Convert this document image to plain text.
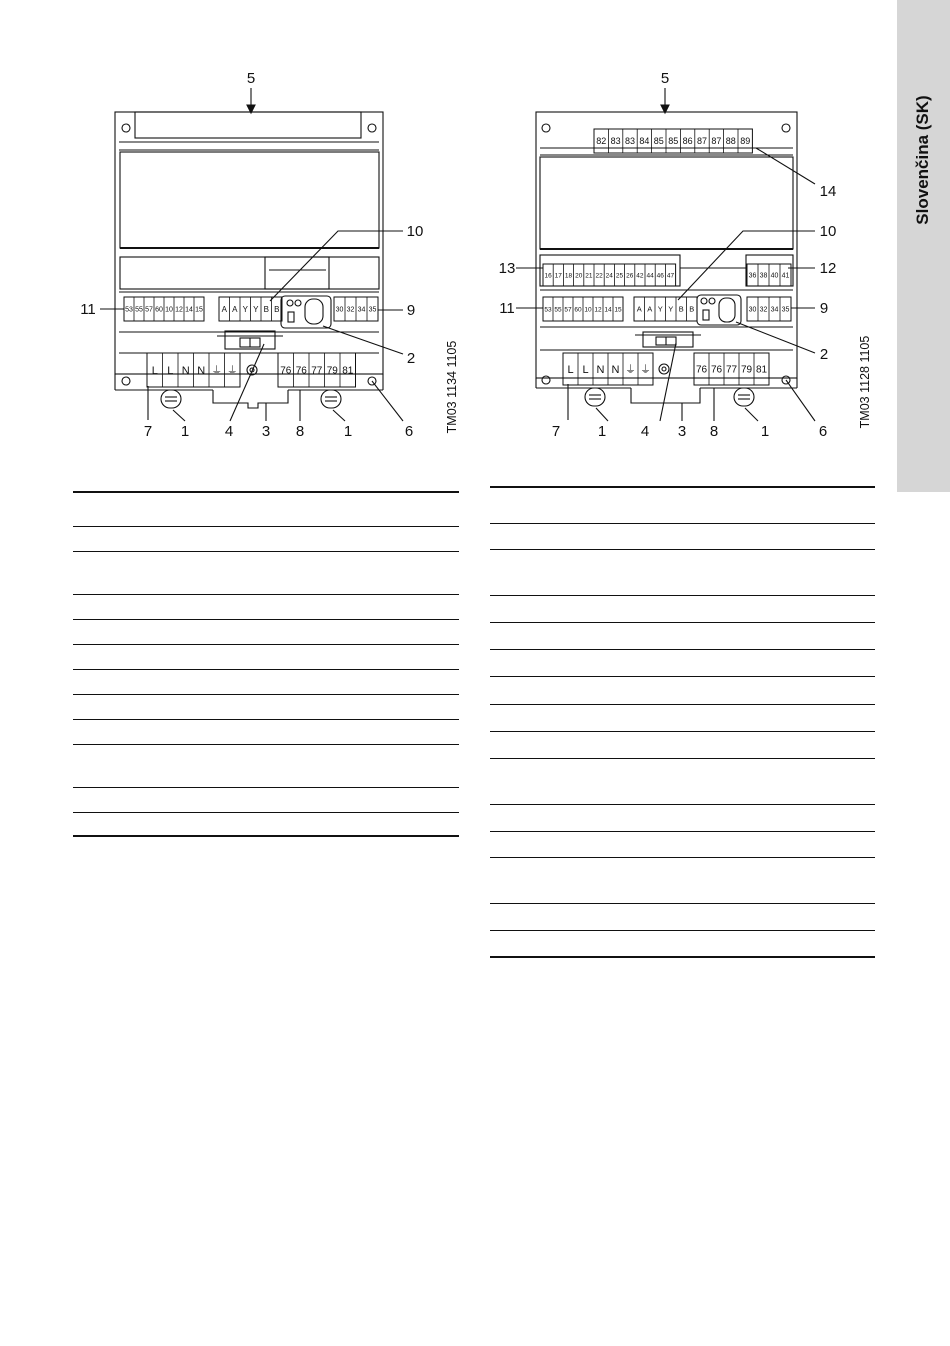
Slovenčina (SK)
53 55 57 60 10 12 14 15 A A Y Y B B	30 32 34 35
L L N N ⏚ ⏚	76 76 77 79 81
5
10
11	9
2
7 1 4 3 8	1	6	TM03 1134 1105
82 83 83 84 85 85 86 87 87 88 89
16 17 18 20 21 22 24 25 26 42 44 46 47	36 38 40 41
53 55 57 60 10 12 14 15 A A Y Y B B	30 32 34 35
L L N N ⏚ ⏚	76 76 77 79 81
5
14
10
13	12
11	9
2
7	1 4 3 8	1	6
TM03 1128 1105
